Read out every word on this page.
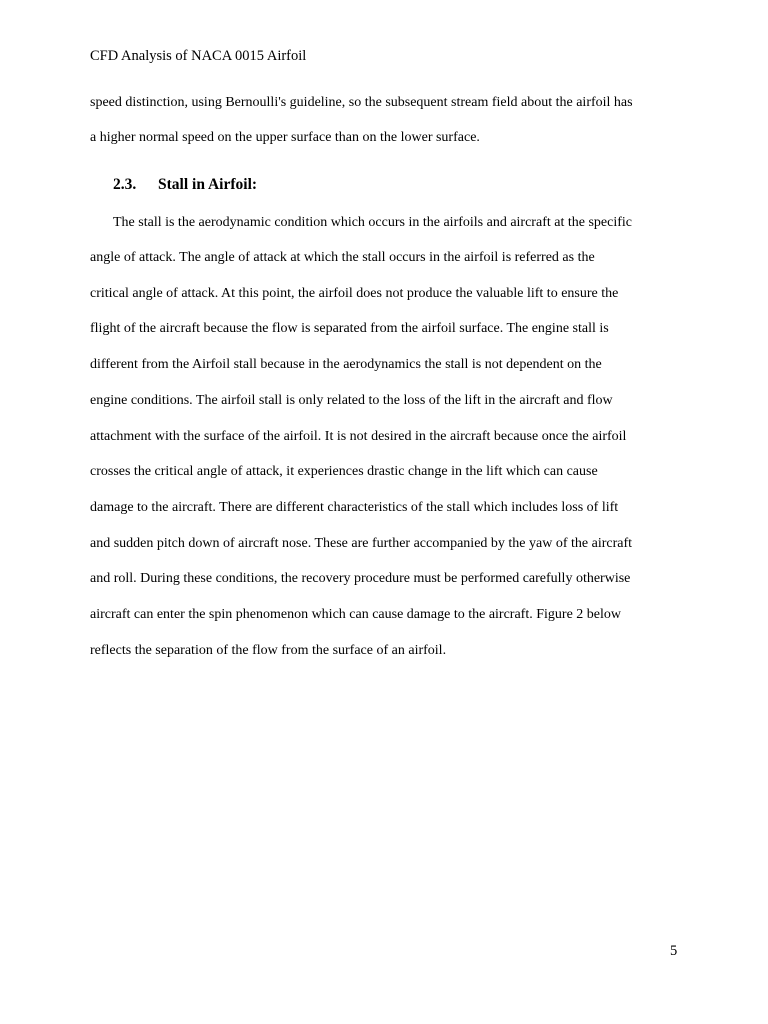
CFD Analysis of NACA 0015 Airfoil
speed distinction, using Bernoulli's guideline, so the subsequent stream field about the airfoil has
a higher normal speed on the upper surface than on the lower surface.
2.3. Stall in Airfoil:
The stall is the aerodynamic condition which occurs in the airfoils and aircraft at the specific
angle of attack. The angle of attack at which the stall occurs in the airfoil is referred as the
critical angle of attack. At this point, the airfoil does not produce the valuable lift to ensure the
flight of the aircraft because the flow is separated from the airfoil surface. The engine stall is
different from the Airfoil stall because in the aerodynamics the stall is not dependent on the
engine conditions. The airfoil stall is only related to the loss of the lift in the aircraft and flow
attachment with the surface of the airfoil. It is not desired in the aircraft because once the airfoil
crosses the critical angle of attack, it experiences drastic change in the lift which can cause
damage to the aircraft. There are different characteristics of the stall which includes loss of lift
and sudden pitch down of aircraft nose. These are further accompanied by the yaw of the aircraft
and roll. During these conditions, the recovery procedure must be performed carefully otherwise
aircraft can enter the spin phenomenon which can cause damage to the aircraft. Figure 2 below
reflects the separation of the flow from the surface of an airfoil.
5
